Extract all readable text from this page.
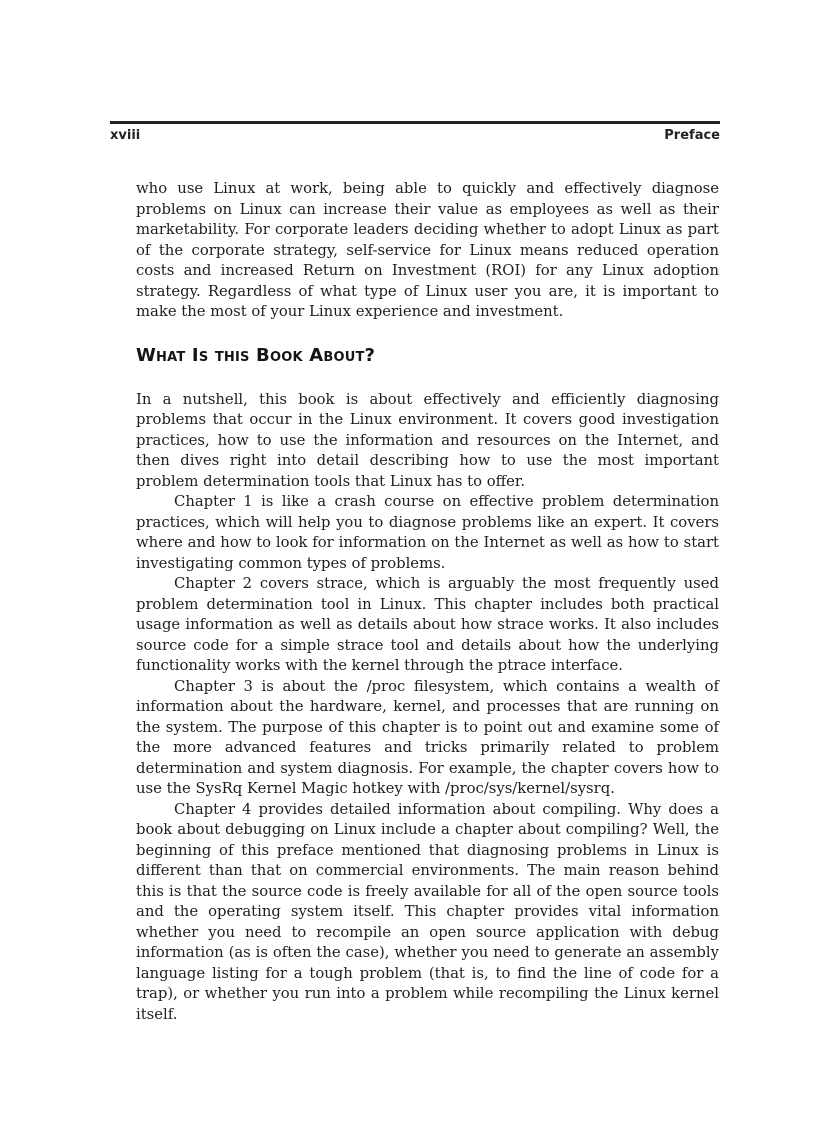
xviii	Preface

who use Linux at work, being able to quickly and effectively diagnose problems on Linux can increase their value as employees as well as their marketability. For corporate leaders deciding whether to adopt Linux as part of the corporate strategy, self-service for Linux means reduced operation costs and increased Return on Investment (ROI) for any Linux adoption strategy. Regardless of what type of Linux user you are, it is important to make the most of your Linux experience and investment.

What Is this Book About?

In a nutshell, this book is about effectively and efficiently diagnosing problems that occur in the Linux environment. It covers good investigation practices, how to use the information and resources on the Internet, and then dives right into detail describing how to use the most important problem determination tools that Linux has to offer.

Chapter 1 is like a crash course on effective problem determination practices, which will help you to diagnose problems like an expert. It covers where and how to look for information on the Internet as well as how to start investigating common types of problems.

Chapter 2 covers strace, which is arguably the most frequently used problem determination tool in Linux. This chapter includes both practical usage information as well as details about how strace works. It also includes source code for a simple strace tool and details about how the underlying functionality works with the kernel through the ptrace interface.

Chapter 3 is about the /proc filesystem, which contains a wealth of information about the hardware, kernel, and processes that are running on the system. The purpose of this chapter is to point out and examine some of the more advanced features and tricks primarily related to problem determination and system diagnosis. For example, the chapter covers how to use the SysRq Kernel Magic hotkey with /proc/sys/kernel/sysrq.

Chapter 4 provides detailed information about compiling. Why does a book about debugging on Linux include a chapter about compiling? Well, the beginning of this preface mentioned that diagnosing problems in Linux is different than that on commercial environments. The main reason behind this is that the source code is freely available for all of the open source tools and the operating system itself. This chapter provides vital information whether you need to recompile an open source application with debug information (as is often the case), whether you need to generate an assembly language listing for a tough problem (that is, to find the line of code for a trap), or whether you run into a problem while recompiling the Linux kernel itself.
